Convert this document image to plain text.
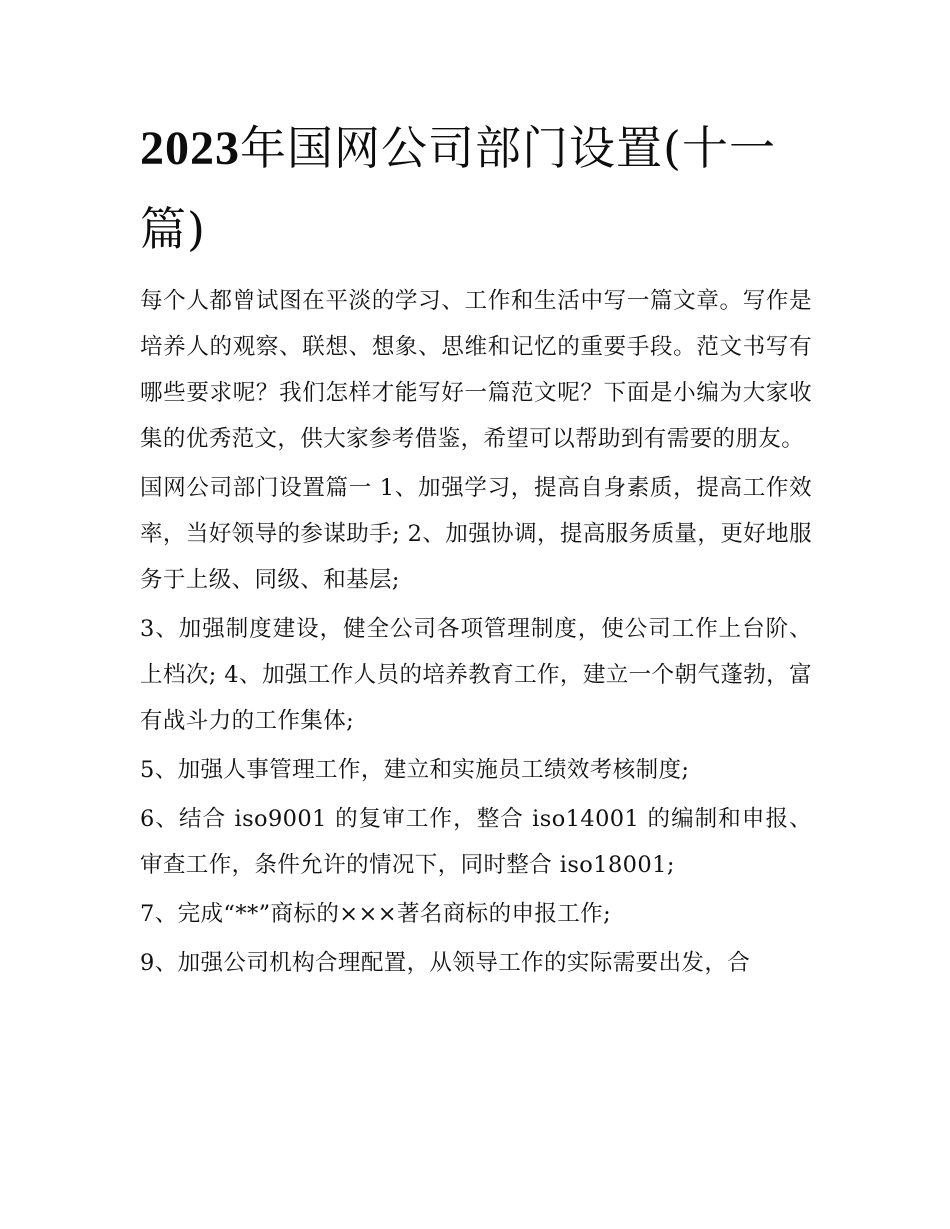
2023年国网公司部门设置(十一篇)

每个人都曾试图在平淡的学习、工作和生活中写一篇文章。写作是培养人的观察、联想、想象、思维和记忆的重要手段。范文书写有哪些要求呢？我们怎样才能写好一篇范文呢？下面是小编为大家收集的优秀范文，供大家参考借鉴，希望可以帮助到有需要的朋友。

国网公司部门设置篇一 1、加强学习，提高自身素质，提高工作效率，当好领导的参谋助手; 2、加强协调，提高服务质量，更好地服务于上级、同级、和基层;

3、加强制度建设，健全公司各项管理制度，使公司工作上台阶、上档次; 4、加强工作人员的培养教育工作，建立一个朝气蓬勃，富有战斗力的工作集体;

5、加强人事管理工作，建立和实施员工绩效考核制度;

6、结合 iso9001 的复审工作，整合 iso14001 的编制和申报、审查工作，条件允许的情况下，同时整合 iso18001;

7、完成“**”商标的×××著名商标的申报工作;

9、加强公司机构合理配置，从领导工作的实际需要出发，合
